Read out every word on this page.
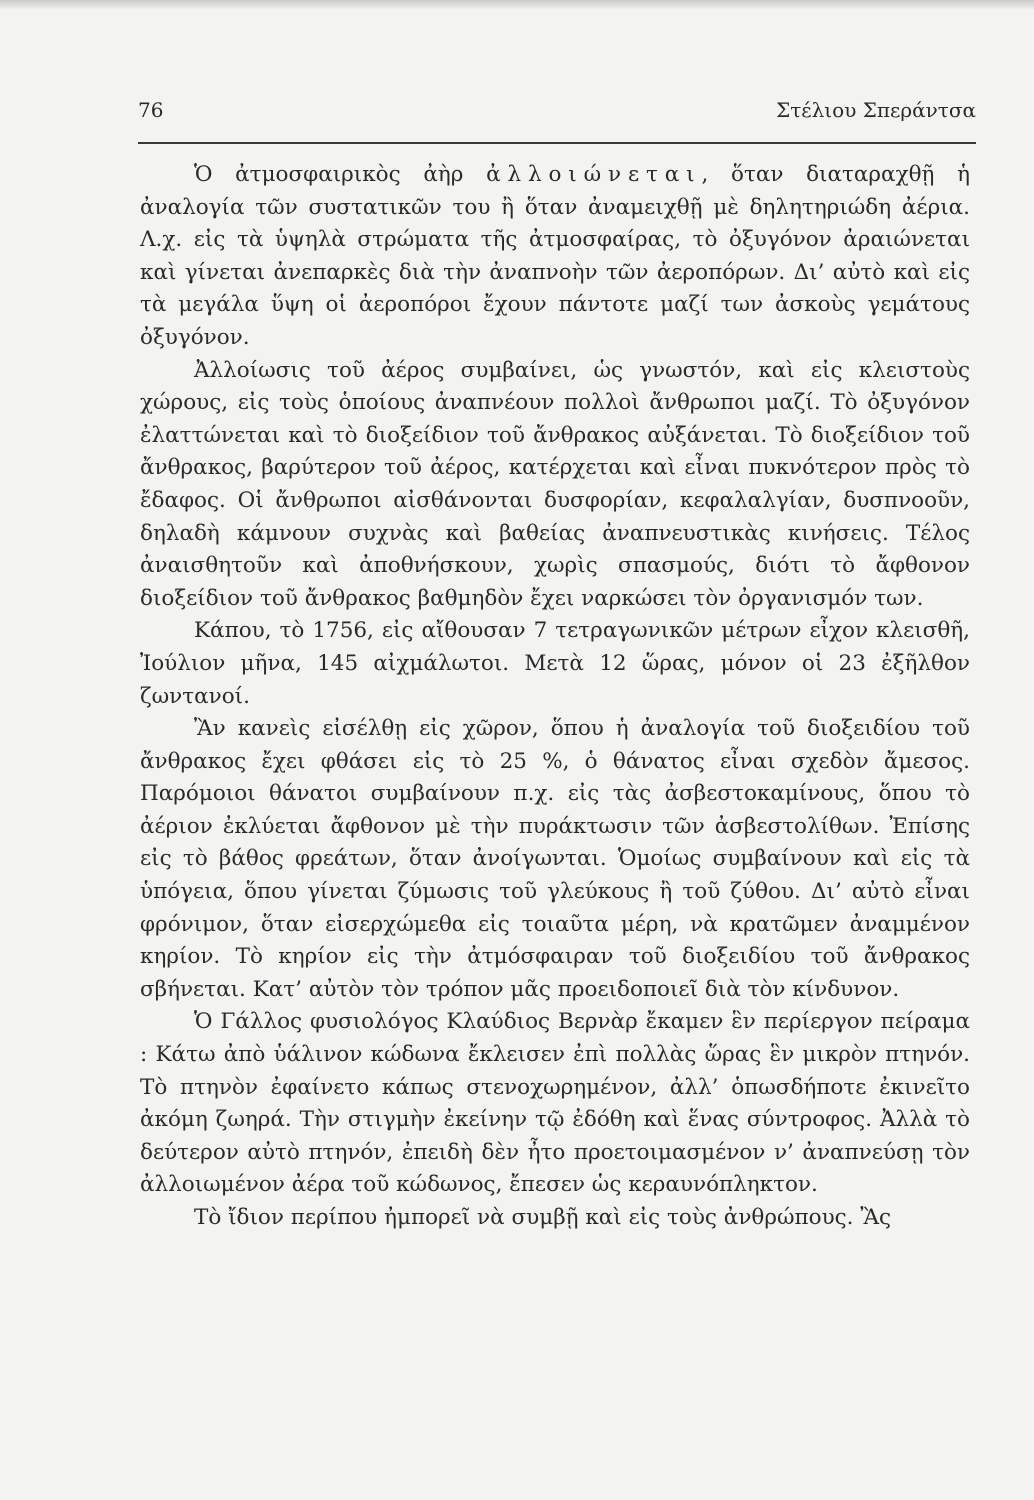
76	Στέλιου Σπεράντσα

Ὁ ἀτμοσφαιρικὸς ἀὴρ ἀλλοιώνεται, ὅταν διαταραχθῇ ἡ ἀναλογία τῶν συστατικῶν του ἢ ὅταν ἀναμειχθῇ μὲ δηλητηριώδη ἀέρια. Λ.χ. εἰς τὰ ὑψηλὰ στρώματα τῆς ἀτμοσφαίρας, τὸ ὀξυγόνον ἀραιώνεται καὶ γίνεται ἀνεπαρκὲς διὰ τὴν ἀναπνοὴν τῶν ἀεροπόρων. Δι’ αὐτὸ καὶ εἰς τὰ μεγάλα ὕψη οἱ ἀεροπόροι ἔχουν πάντοτε μαζί των ἀσκοὺς γεμάτους ὀξυγόνον.

Ἀλλοίωσις τοῦ ἀέρος συμβαίνει, ὡς γνωστόν, καὶ εἰς κλειστοὺς χώρους, εἰς τοὺς ὁποίους ἀναπνέουν πολλοὶ ἄνθρωποι μαζί. Τὸ ὀξυγόνον ἐλαττώνεται καὶ τὸ διοξείδιον τοῦ ἄνθρακος αὐξάνεται. Τὸ διοξείδιον τοῦ ἄνθρακος, βαρύτερον τοῦ ἀέρος, κατέρχεται καὶ εἶναι πυκνότερον πρὸς τὸ ἔδαφος. Οἱ ἄνθρωποι αἰσθάνονται δυσφορίαν, κεφαλαλγίαν, δυσπνοοῦν, δηλαδὴ κάμνουν συχνὰς καὶ βαθείας ἀναπνευστικὰς κινήσεις. Τέλος ἀναισθητοῦν καὶ ἀποθνήσκουν, χωρὶς σπασμούς, διότι τὸ ἄφθονον διοξείδιον τοῦ ἄνθρακος βαθμηδὸν ἔχει ναρκώσει τὸν ὀργανισμόν των.

Κάπου, τὸ 1756, εἰς αἴθουσαν 7 τετραγωνικῶν μέτρων εἶχον κλεισθῆ, Ἰούλιον μῆνα, 145 αἰχμάλωτοι. Μετὰ 12 ὥρας, μόνον οἱ 23 ἐξῆλθον ζωντανοί.

Ἂν κανεὶς εἰσέλθῃ εἰς χῶρον, ὅπου ἡ ἀναλογία τοῦ διοξειδίου τοῦ ἄνθρακος ἔχει φθάσει εἰς τὸ 25 %, ὁ θάνατος εἶναι σχεδὸν ἄμεσος. Παρόμοιοι θάνατοι συμβαίνουν π.χ. εἰς τὰς ἀσβεστοκαμίνους, ὅπου τὸ ἀέριον ἐκλύεται ἄφθονον μὲ τὴν πυράκτωσιν τῶν ἀσβεστολίθων. Ἐπίσης εἰς τὸ βάθος φρεάτων, ὅταν ἀνοίγωνται. Ὁμοίως συμβαίνουν καὶ εἰς τὰ ὑπόγεια, ὅπου γίνεται ζύμωσις τοῦ γλεύκους ἢ τοῦ ζύθου. Δι’ αὐτὸ εἶναι φρόνιμον, ὅταν εἰσερχώμεθα εἰς τοιαῦτα μέρη, νὰ κρατῶμεν ἀναμμένον κηρίον. Τὸ κηρίον εἰς τὴν ἀτμόσφαιραν τοῦ διοξειδίου τοῦ ἄνθρακος σβήνεται. Κατ’ αὐτὸν τὸν τρόπον μᾶς προειδοποιεῖ διὰ τὸν κίνδυνον.

Ὁ Γάλλος φυσιολόγος Κλαύδιος Βερνὰρ ἔκαμεν ἓν περίεργον πείραμα : Κάτω ἀπὸ ὑάλινον κώδωνα ἔκλεισεν ἐπὶ πολλὰς ὥρας ἓν μικρὸν πτηνόν. Τὸ πτηνὸν ἐφαίνετο κάπως στενοχωρημένον, ἀλλ’ ὁπωσδήποτε ἐκινεῖτο ἀκόμη ζωηρά. Τὴν στιγμὴν ἐκείνην τῷ ἐδόθη καὶ ἕνας σύντροφος. Ἀλλὰ τὸ δεύτερον αὐτὸ πτηνόν, ἐπειδὴ δὲν ἦτο προετοιμασμένον ν’ ἀναπνεύσῃ τὸν ἀλλοιωμένον ἀέρα τοῦ κώδωνος, ἔπεσεν ὡς κεραυνόπληκτον.

Τὸ ἴδιον περίπου ἠμπορεῖ νὰ συμβῇ καὶ εἰς τοὺς ἀνθρώπους. Ἂς
